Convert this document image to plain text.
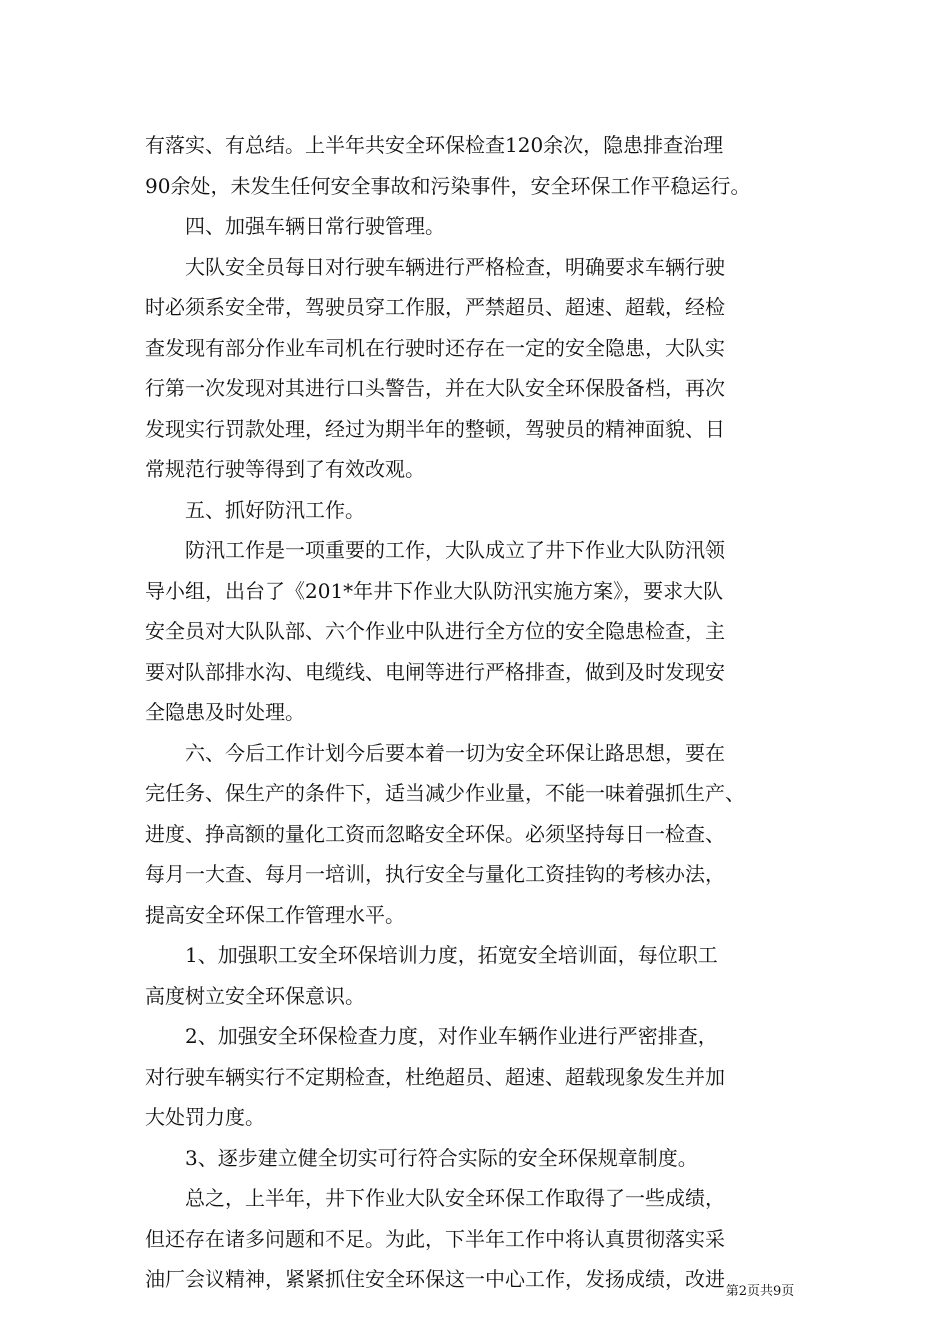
有落实、有总结。上半年共安全环保检查120余次，隐患排查治理
90余处，未发生任何安全事故和污染事件，安全环保工作平稳运行。
四、加强车辆日常行驶管理。
大队安全员每日对行驶车辆进行严格检查，明确要求车辆行驶
时必须系安全带，驾驶员穿工作服，严禁超员、超速、超载，经检
查发现有部分作业车司机在行驶时还存在一定的安全隐患，大队实
行第一次发现对其进行口头警告，并在大队安全环保股备档，再次
发现实行罚款处理，经过为期半年的整顿，驾驶员的精神面貌、日
常规范行驶等得到了有效改观。
五、抓好防汛工作。
防汛工作是一项重要的工作，大队成立了井下作业大队防汛领
导小组，出台了《201*年井下作业大队防汛实施方案》，要求大队
安全员对大队队部、六个作业中队进行全方位的安全隐患检查，主
要对队部排水沟、电缆线、电闸等进行严格排查，做到及时发现安
全隐患及时处理。
六、今后工作计划今后要本着一切为安全环保让路思想，要在
完任务、保生产的条件下，适当减少作业量，不能一味着强抓生产、
进度、挣高额的量化工资而忽略安全环保。必须坚持每日一检查、
每月一大查、每月一培训，执行安全与量化工资挂钩的考核办法，
提高安全环保工作管理水平。
1、加强职工安全环保培训力度，拓宽安全培训面，每位职工
高度树立安全环保意识。
2、加强安全环保检查力度，对作业车辆作业进行严密排查，
对行驶车辆实行不定期检查，杜绝超员、超速、超载现象发生并加
大处罚力度。
3、逐步建立健全切实可行符合实际的安全环保规章制度。
总之，上半年，井下作业大队安全环保工作取得了一些成绩，
但还存在诸多问题和不足。为此，下半年工作中将认真贯彻落实采
油厂会议精神，紧紧抓住安全环保这一中心工作，发扬成绩，改进
第2页共9页
